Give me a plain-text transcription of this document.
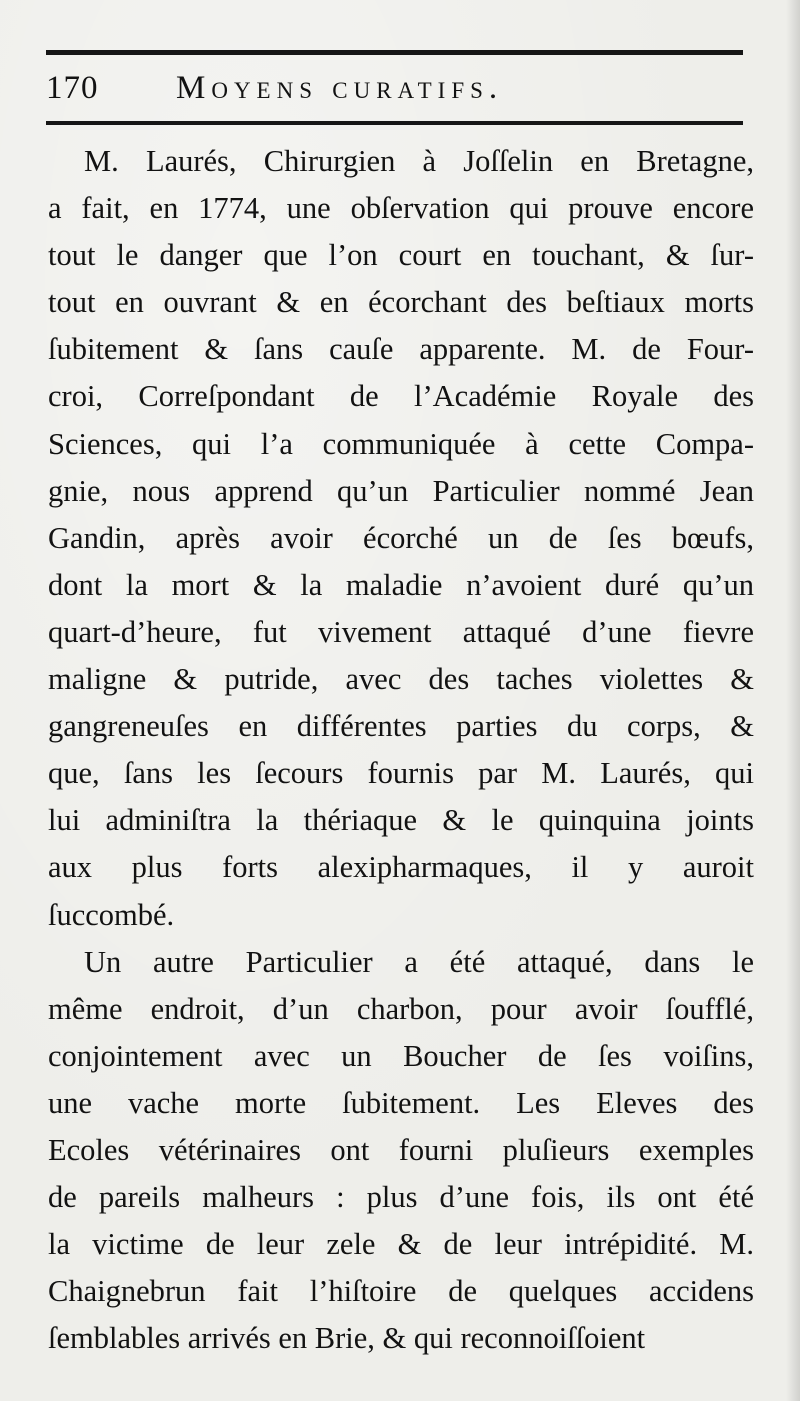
170 Moyens curatifs.
M. Laurés, Chirurgien à Joſſelin en Bretagne,
a fait, en 1774, une obſervation qui prouve encore
tout le danger que l’on court en touchant, & ſur-
tout en ouvrant & en écorchant des beſtiaux morts
ſubitement & ſans cauſe apparente. M. de Four-
croi, Correſpondant de l’Académie Royale des
Sciences, qui l’a communiquée à cette Compa-
gnie, nous apprend qu’un Particulier nommé Jean
Gandin, après avoir écorché un de ſes bœufs,
dont la mort & la maladie n’avoient duré qu’un
quart-d’heure, fut vivement attaqué d’une fievre
maligne & putride, avec des taches violettes &
gangreneuſes en différentes parties du corps, &
que, ſans les ſecours fournis par M. Laurés, qui
lui adminiſtra la thériaque & le quinquina joints
aux plus forts alexipharmaques, il y auroit
ſuccombé.
Un autre Particulier a été attaqué, dans le
même endroit, d’un charbon, pour avoir ſoufflé,
conjointement avec un Boucher de ſes voiſins,
une vache morte ſubitement. Les Eleves des
Ecoles vétérinaires ont fourni pluſieurs exemples
de pareils malheurs : plus d’une fois, ils ont été
la victime de leur zele & de leur intrépidité. M.
Chaignebrun fait l’hiſtoire de quelques accidens
ſemblables arrivés en Brie, & qui reconnoiſſoient
